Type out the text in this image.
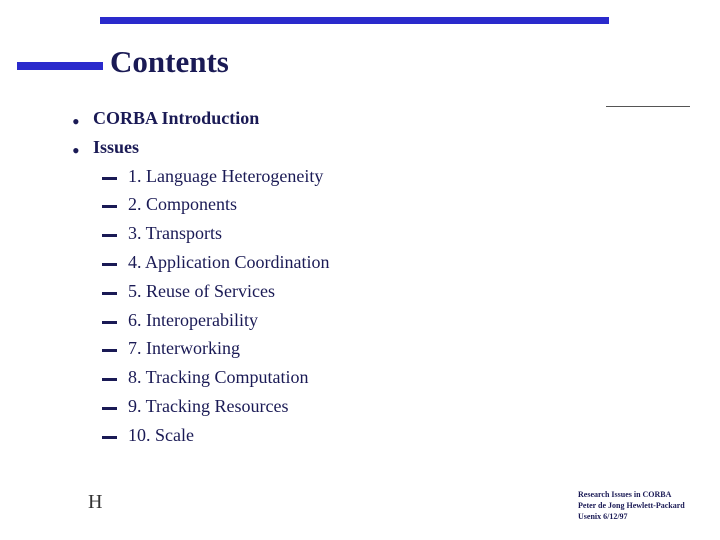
Contents
• CORBA Introduction
• Issues
1. Language Heterogeneity
2. Components
3. Transports
4. Application Coordination
5. Reuse of Services
6. Interoperability
7. Interworking
8. Tracking Computation
9. Tracking Resources
10. Scale
H	Research Issues in CORBA
Peter de Jong Hewlett-Packard
Usenix 6/12/97
